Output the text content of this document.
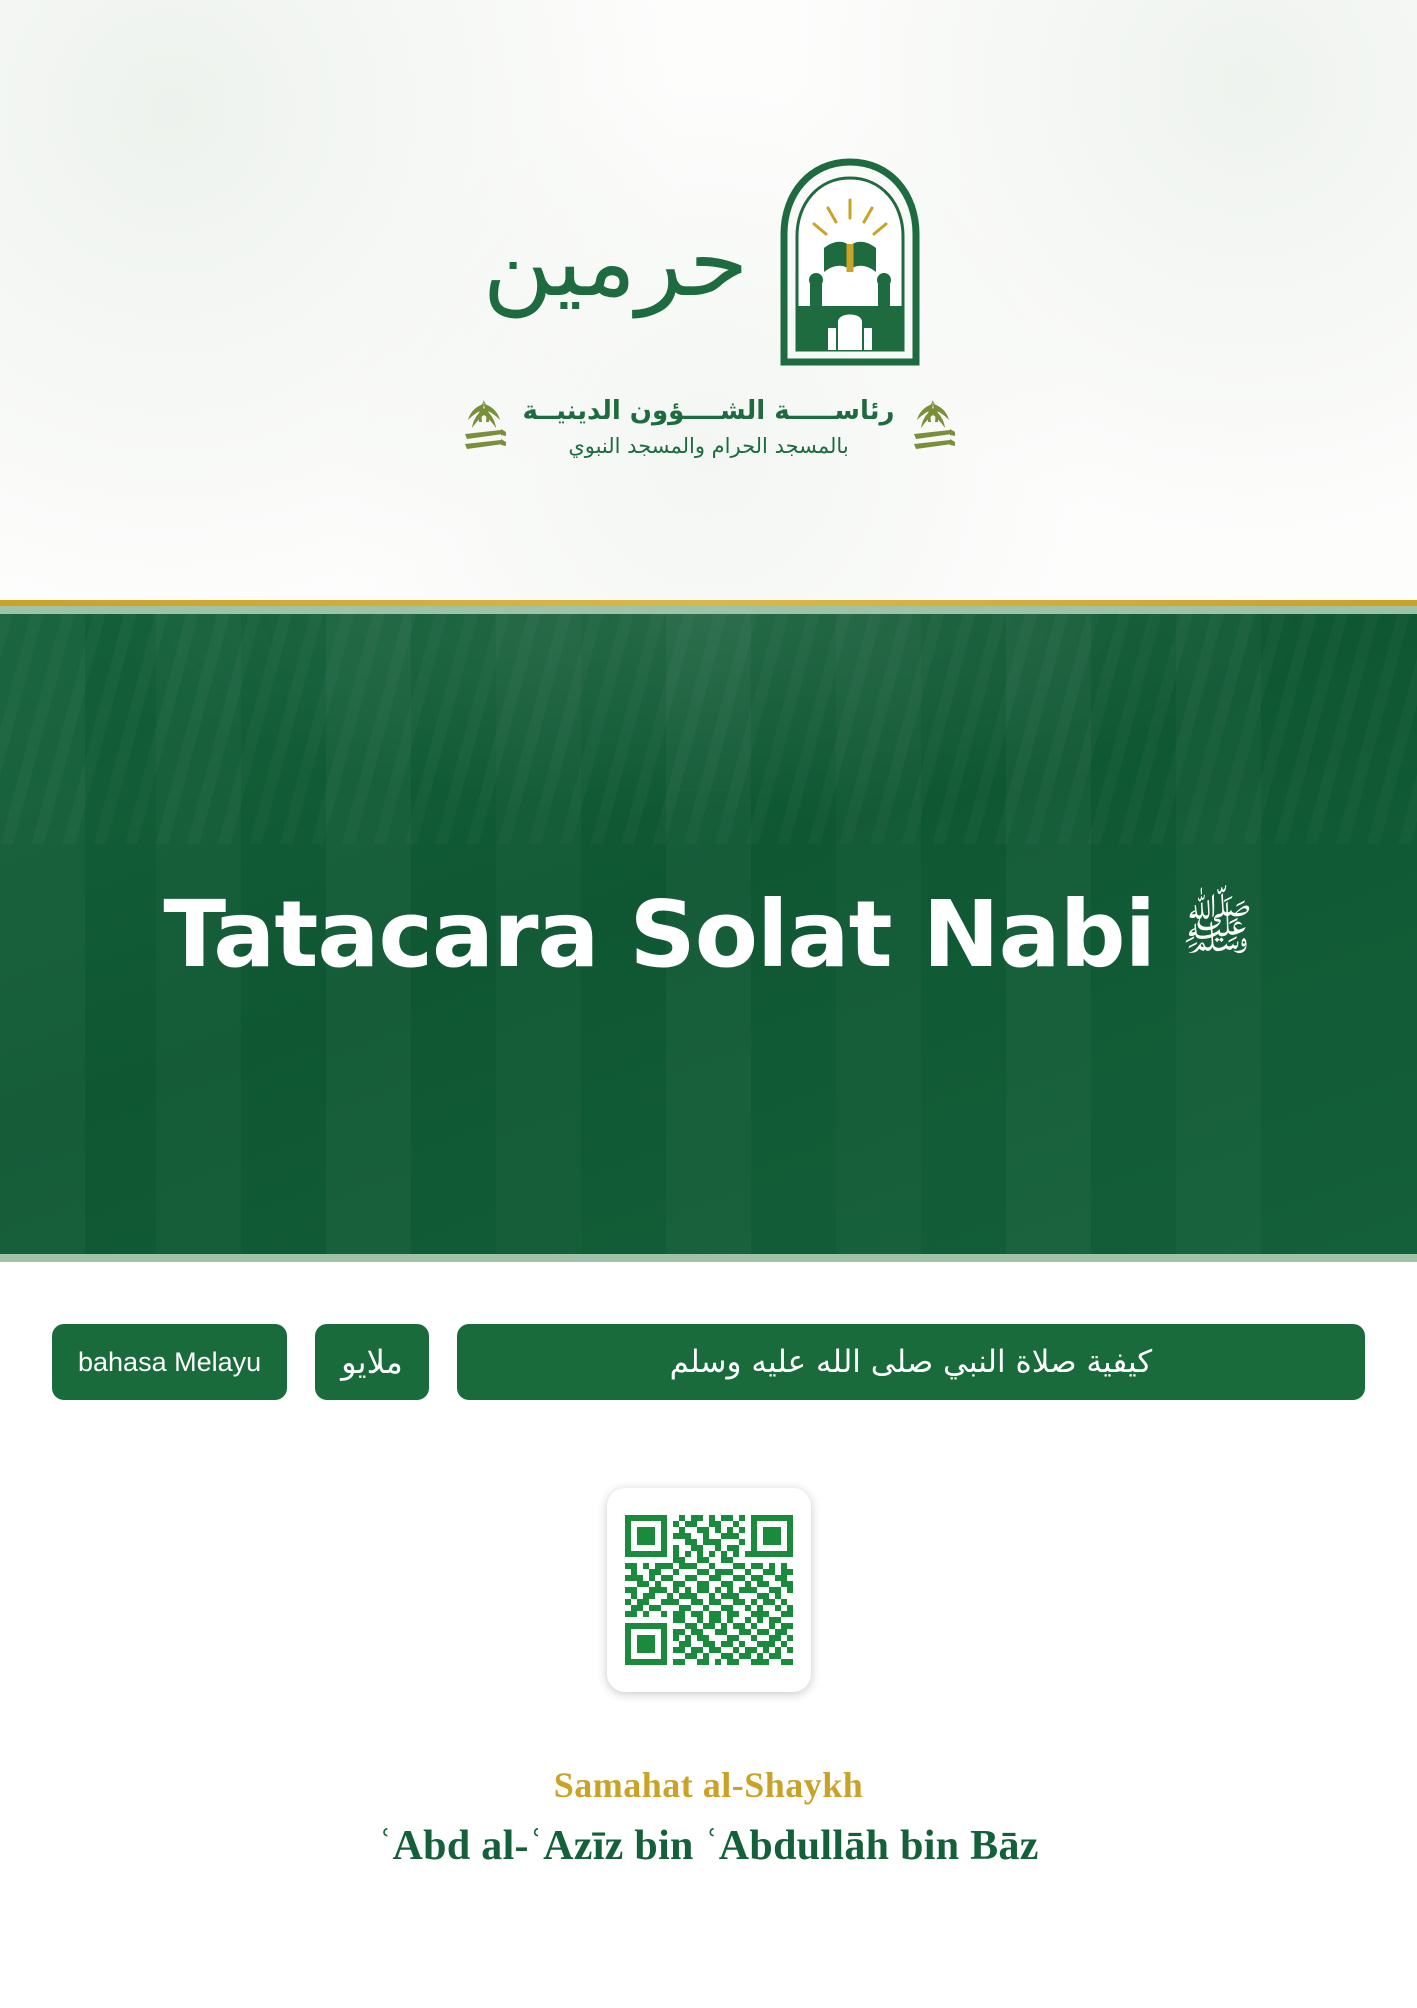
حرمين
رئاســـــة الشــــؤون الدينيــة
بالمسجد الحرام والمسجد النبوي
Tatacara Solat Nabi ﷺ
bahasa Melayu	ملايو	كيفية صلاة النبي صلى الله عليه وسلم
Samahat al-Shaykh
ʿAbd al-ʿAzīz bin ʿAbdullāh bin Bāz
